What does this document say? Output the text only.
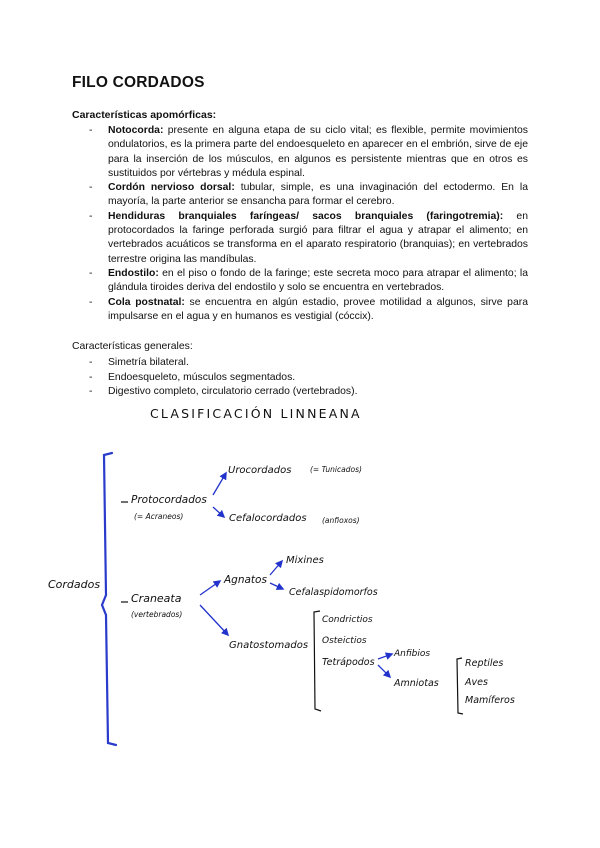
FILO CORDADOS
Características apomórficas:
- Notocorda: presente en alguna etapa de su ciclo vital; es flexible, permite movimientos ondulatorios, es la primera parte del endoesqueleto en aparecer en el embrión, sirve de eje para la inserción de los músculos, en algunos es persistente mientras que en otros es sustituidos por vértebras y médula espinal.
- Cordón nervioso dorsal: tubular, simple, es una invaginación del ectodermo. En la mayoría, la parte anterior se ensancha para formar el cerebro.
- Hendiduras branquiales faríngeas/ sacos branquiales (faringotremia): en protocordados la faringe perforada surgió para filtrar el agua y atrapar el alimento; en vertebrados acuáticos se transforma en el aparato respiratorio (branquias); en vertebrados terrestre origina las mandíbulas.
- Endostilo: en el piso o fondo de la faringe; este secreta moco para atrapar el alimento; la glándula tiroides deriva del endostilo y solo se encuentra en vertebrados.
- Cola postnatal: se encuentra en algún estadio, provee motilidad a algunos, sirve para impulsarse en el agua y en humanos es vestigial (cóccix).
Características generales:
- Simetría bilateral.
- Endoesqueleto, músculos segmentados.
- Digestivo completo, circulatorio cerrado (vertebrados).
CLASIFICACIÓN LINNEANA
Cordados
Protocordados
(= Acraneos)
Urocordados (= Tunicados)
Cefalocordados (anfioxos)
Craneata
(vertebrados)
Agnatos
Mixines
Cefalaspidomorfos
Gnatostomados
Condrictios
Osteictios
Tetrápodos
Anfibios
Amniotas
Reptiles
Aves
Mamíferos
